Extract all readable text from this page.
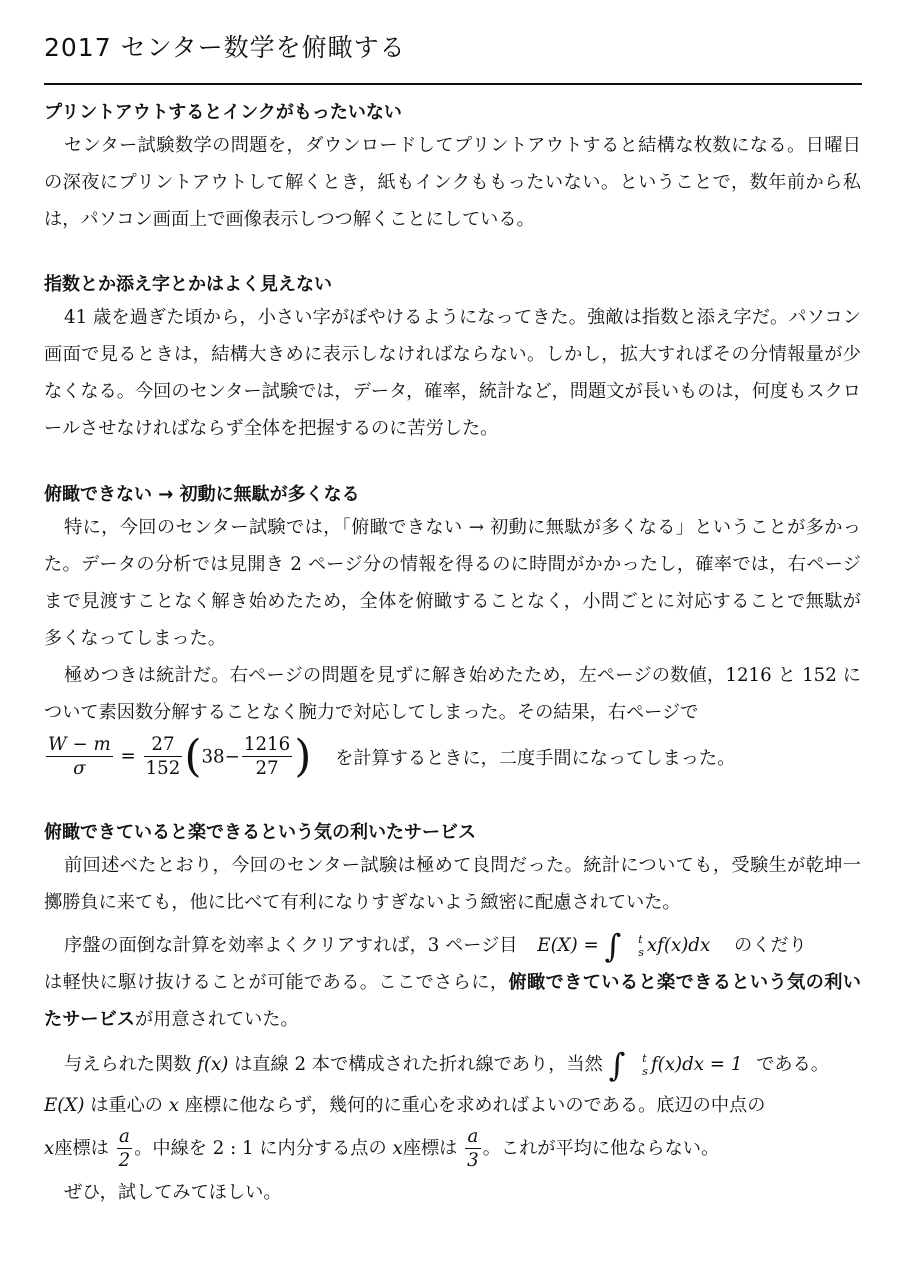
2017 センター数学を俯瞰する
プリントアウトするとインクがもったいない

センター試験数学の問題を，ダウンロードしてプリントアウトすると結構な枚数になる。日曜日の深夜にプリントアウトして解くとき，紙もインクももったいない。ということで，数年前から私は，パソコン画面上で画像表示しつつ解くことにしている。

指数とか添え字とかはよく見えない

41 歳を過ぎた頃から，小さい字がぼやけるようになってきた。強敵は指数と添え字だ。パソコン画面で見るときは，結構大きめに表示しなければならない。しかし，拡大すればその分情報量が少なくなる。今回のセンター試験では，データ，確率，統計など，問題文が長いものは，何度もスクロールさせなければならず全体を把握するのに苦労した。

俯瞰できない → 初動に無駄が多くなる

特に，今回のセンター試験では，「俯瞰できない → 初動に無駄が多くなる」ということが多かった。データの分析では見開き 2 ページ分の情報を得るのに時間がかかったし，確率では，右ページまで見渡すことなく解き始めたため，全体を俯瞰することなく，小問ごとに対応することで無駄が多くなってしまった。

極めつきは統計だ。右ページの問題を見ずに解き始めたため，左ページの数値，1216 と 152 について素因数分解することなく腕力で対応してしまった。その結果，右ページで

$\frac{W - m}{\sigma} = \frac{27}{152} (38- \frac{1216}{27}$ ) を計算するときに，二度手間になってしまった。
俯瞰できていると楽できるという気の利いたサービス

前回述べたとおり，今回のセンター試験は極めて良問だった。統計についても，受験生が乾坤一擲勝負に来ても，他に比べて有利になりすぎないよう緻密に配慮されていた。

序盤の面倒な計算を効率よくクリアすれば，3 ページ目 E(X) = ∫	t
s xf(x)dx のくだり

は軽快に駆け抜けることが可能である。ここでさらに，俯瞰できていると楽できるという気の利いたサービスが用意されていた。

与えられた関数 f(x) は直線 2 本で構成された折れ線であり，当然 ∫	t
s f(x)dx = 1 である。

E(X) は重心の x 座標に他ならず，幾何的に重心を求めればよいのである。底辺の中点の

x座標は $\frac{a}{2}$ 。中線を 2 : 1 に内分する点の x座標は $\frac{a}{3}$ 。これが平均に他ならない。

ぜひ，試してみてほしい。
